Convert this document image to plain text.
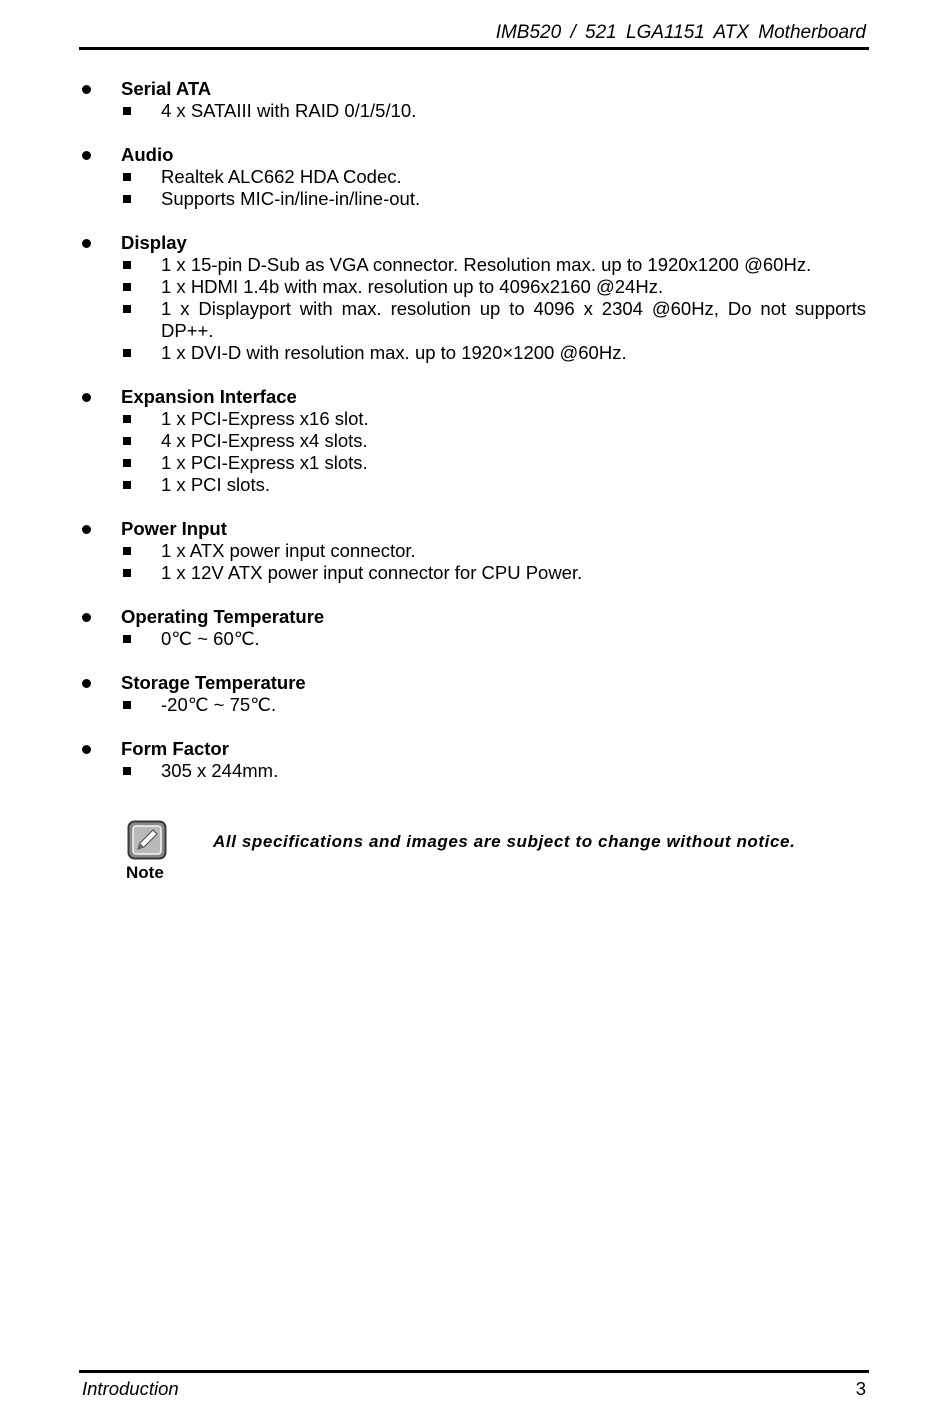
IMB520 / 521 LGA1151 ATX Motherboard
Serial ATA
4 x SATAIII with RAID 0/1/5/10.
Audio
Realtek ALC662 HDA Codec.
Supports MIC-in/line-in/line-out.
Display
1 x 15-pin D-Sub as VGA connector. Resolution max. up to 1920x1200 @60Hz.
1 x HDMI 1.4b with max. resolution up to 4096x2160 @24Hz.
1 x Displayport with max. resolution up to 4096 x 2304 @60Hz, Do not supports DP++.
1 x DVI-D with resolution max. up to 1920×1200 @60Hz.
Expansion Interface
1 x PCI-Express x16 slot.
4 x PCI-Express x4 slots.
1 x PCI-Express x1 slots.
1 x PCI slots.
Power Input
1 x ATX power input connector.
1 x 12V ATX power input connector for CPU Power.
Operating Temperature
0℃ ~ 60℃.
Storage Temperature
-20℃ ~ 75℃.
Form Factor
305 x 244mm.
Note
All specifications and images are subject to change without notice.
Introduction	3
